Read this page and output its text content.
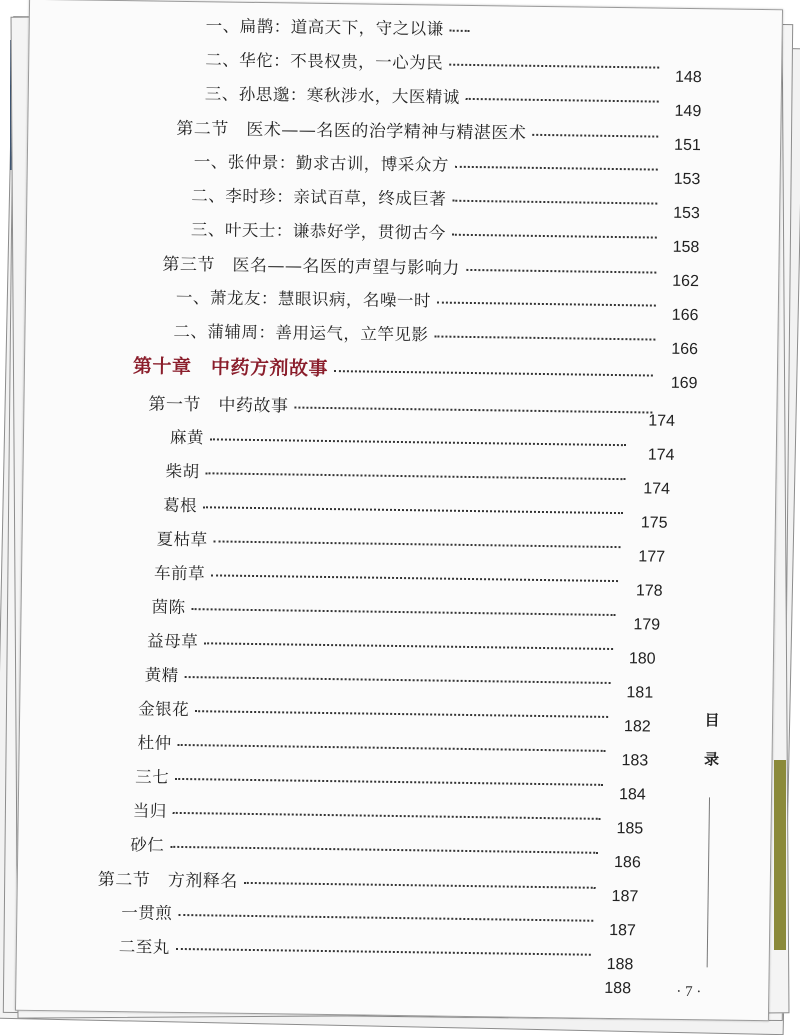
一、扁鹊：道高天下，守之以谦
二、华佗：不畏权贵，一心为民
148
三、孙思邈：寒秋涉水，大医精诚
149
第二节　医术——名医的治学精神与精湛医术
151
一、张仲景：勤求古训，博采众方
153
二、李时珍：亲试百草，终成巨著
153
三、叶天士：谦恭好学，贯彻古今
158
第三节　医名——名医的声望与影响力
162
一、萧龙友：慧眼识病，名噪一时
166
二、蒲辅周：善用运气，立竿见影
166
第十章　中药方剂故事
169
第一节　中药故事
174
麻黄
174
柴胡
174
葛根
175
夏枯草
177
车前草
178
茵陈
179
益母草
180
黄精
181
金银花
182
杜仲
183
三七
184
当归
185
砂仁
186
第二节　方剂释名
187
一贯煎
187
二至丸
188
188
目
录
· 7 ·
